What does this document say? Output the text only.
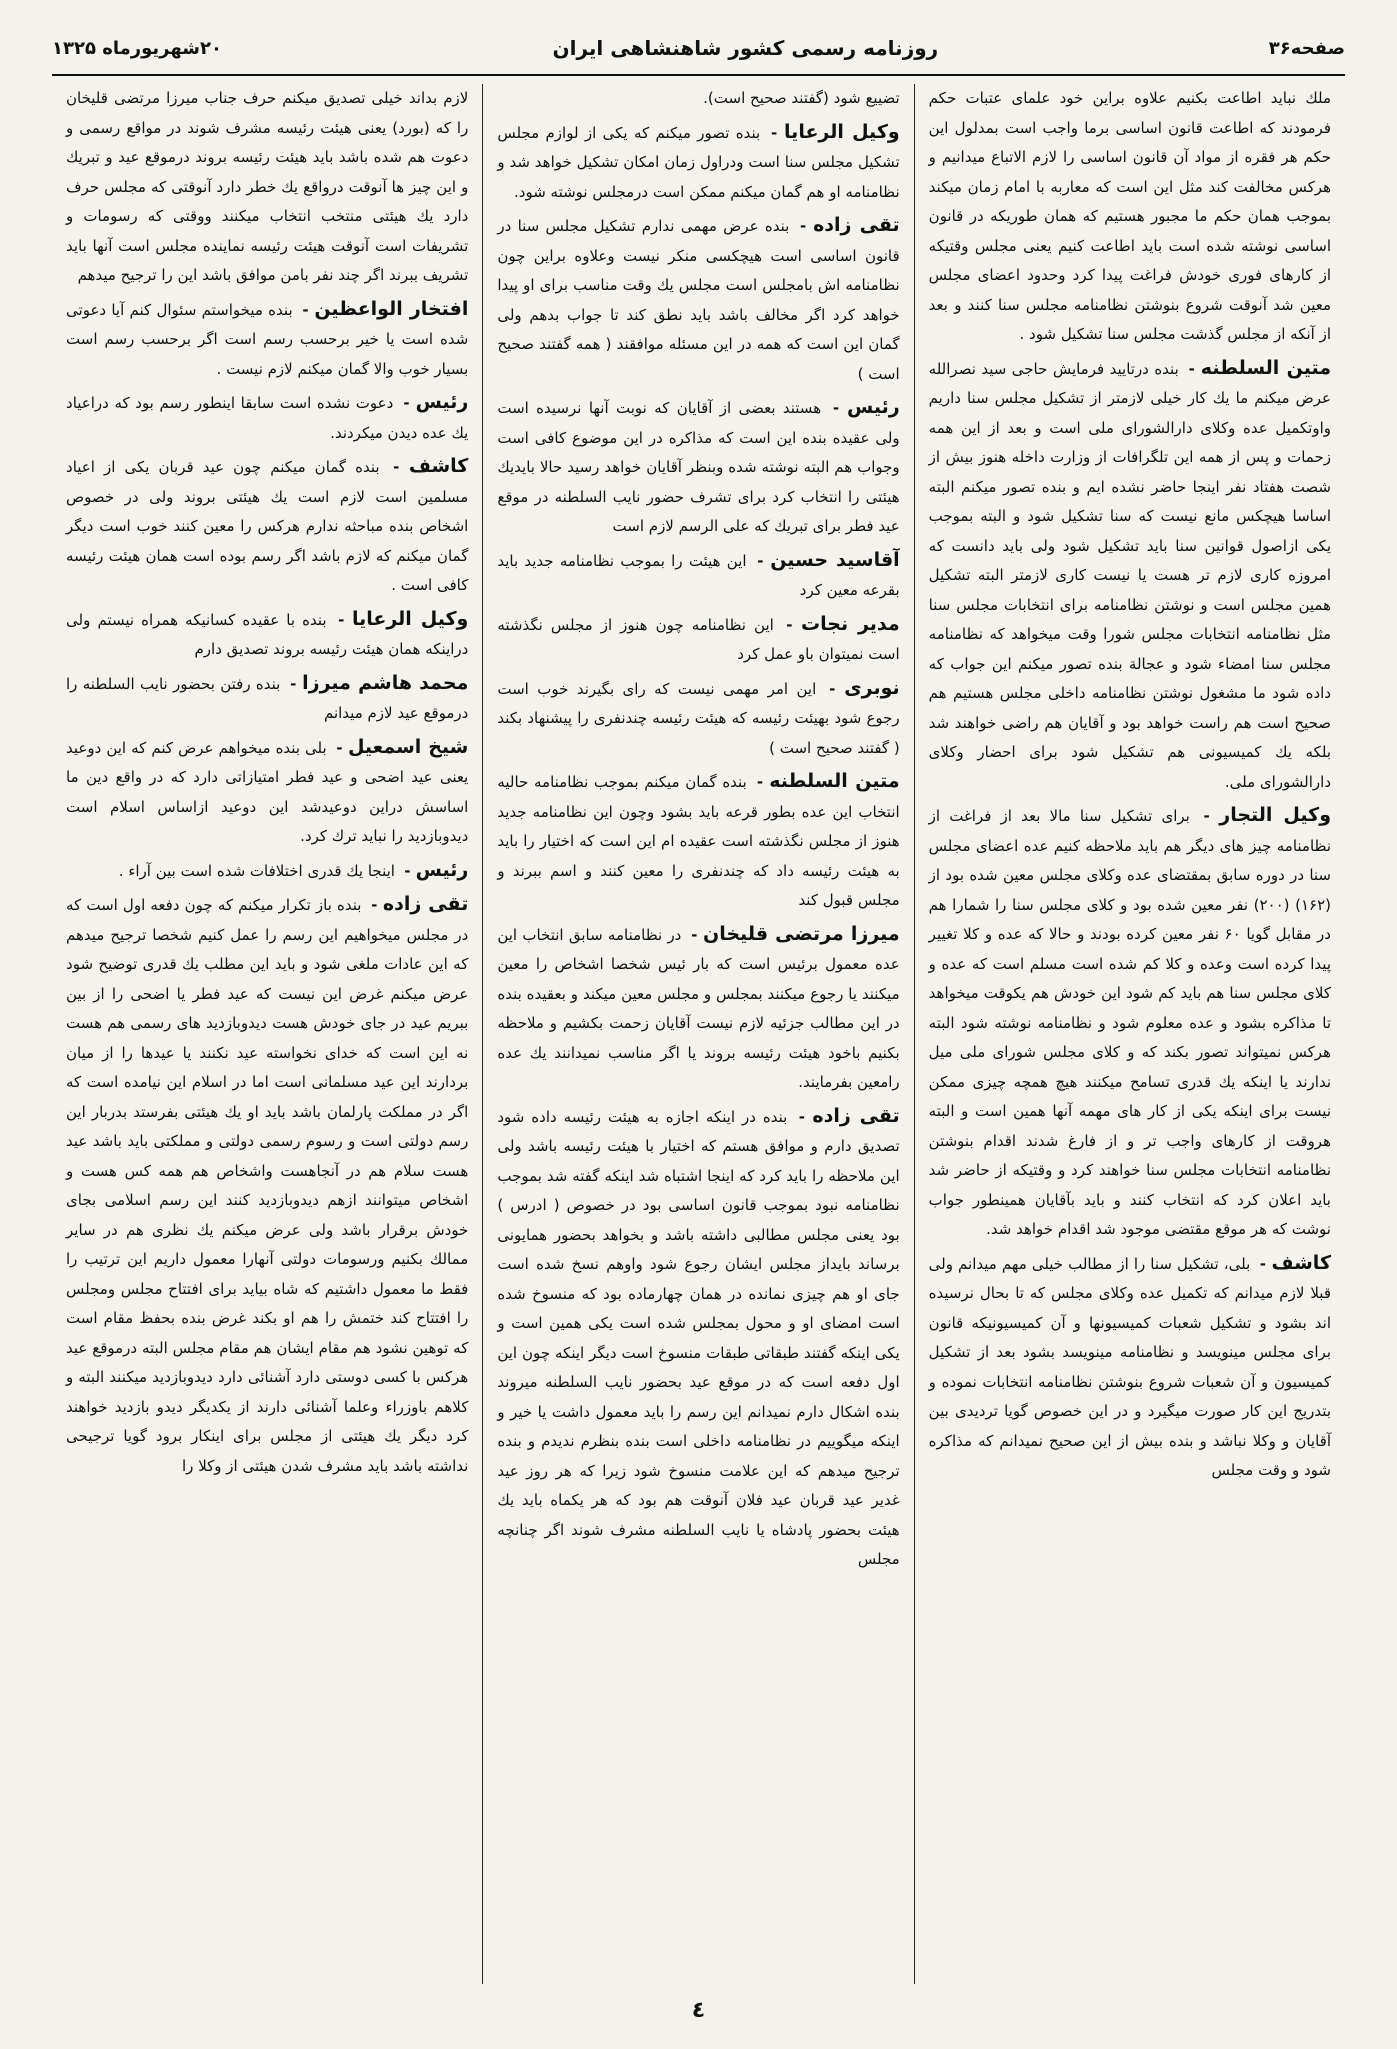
صفحه۳۶
روزنامه رسمی کشور شاهنشاهی ایران
۲۰شهریورماه ۱۳۲۵

ملك نباید اطاعت بکنیم علاوه براین خود علمای عتبات حکم فرمودند که اطاعت قانون اساسی برما واجب است بمدلول این حکم هر فقره از مواد آن قانون اساسی را لازم الاتباع میدانیم و هرکس مخالفت کند مثل این است که معاربه با امام زمان میکند بموجب همان حکم ما مجبور هستیم که همان طوریکه در قانون اساسی نوشته شده است باید اطاعت کنیم یعنی مجلس وقتیکه از کارهای فوری خودش فراغت پیدا کرد وحدود اعضای مجلس معین شد آنوقت شروع بنوشتن نظامنامه مجلس سنا کنند و بعد از آنکه از مجلس گذشت مجلس سنا تشکیل شود .

متین السلطنه - بنده درتایید فرمایش حاجی سید نصرالله عرض میکنم ما یك كار خیلی لازمتر از تشکیل مجلس سنا داریم واوتکمیل عده وکلای دارالشورای ملی است و بعد از این همه زحمات و پس از همه این تلگرافات از وزارت داخله هنوز بیش از شصت هفتاد نفر اینجا حاضر نشده ایم و بنده تصور میکنم البته اساسا هیچکس مانع نیست که سنا تشکیل شود و البته بموجب یکی ازاصول قوانین سنا باید تشکیل شود ولی باید دانست که امروزه کاری لازم تر هست یا نیست کاری لازمتر البته تشکیل همین مجلس است و نوشتن نظامنامه برای انتخابات مجلس سنا مثل نظامنامه انتخابات مجلس شورا وقت میخواهد که نظامنامه مجلس سنا امضاء شود و عجالة بنده تصور میکنم این جواب که داده شود ما مشغول نوشتن نظامنامه داخلی مجلس هستیم هم صحیح است هم راست خواهد بود و آقایان هم راضی خواهند شد بلکه یك کمیسیونی هم تشکیل شود برای احضار وکلای دارالشورای ملی.

وکیل التجار - برای تشکیل سنا مالا بعد از فراغت از نظامنامه چیز های دیگر هم باید ملاحظه کنیم عده اعضای مجلس سنا در دوره سابق بمقتضای عده وکلای مجلس معین شده بود از (۱۶۲) (۲۰۰) نفر معین شده بود و کلای مجلس سنا را شمارا هم در مقابل گویا ۶۰ نفر معین کرده بودند و حالا که عده و کلا تغییر پیدا کرده است وعده و کلا کم شده است مسلم است که عده و کلای مجلس سنا هم باید کم شود این خودش هم یکوقت میخواهد تا مذاکره بشود و عده معلوم شود و نظامنامه نوشته شود البته هرکس نمیتواند تصور بکند که و کلای مجلس شورای ملی میل ندارند یا اینکه یك قدری تسامح میکنند هیچ همچه چیزی ممکن نیست برای اینکه یکی از کار های مهمه آنها همین است و البته هروقت از کارهای واجب تر و از فارغ شدند اقدام بنوشتن نظامنامه انتخابات مجلس سنا خواهند کرد و وقتیکه از حاضر شد باید اعلان کرد که انتخاب کنند و باید بآقایان همینطور جواب نوشت که هر موقع مقتضی موجود شد اقدام خواهد شد.

کاشف - بلی، تشکیل سنا را از مطالب خیلی مهم میدانم ولی قبلا لازم میدانم که تکمیل عده وکلای مجلس که تا بحال نرسیده اند بشود و تشکیل شعبات کمیسیونها و آن کمیسیونیکه قانون برای مجلس مینویسد و نظامنامه مینویسد بشود بعد از تشکیل کمیسیون و آن شعبات شروع بنوشتن نظامنامه انتخابات نموده و بتدریج این کار صورت میگیرد و در این خصوص گویا تردیدی بین آقایان و وکلا نباشد و بنده بیش از این صحیح نمیدانم که مذاکره شود و وقت مجلس

تضییع شود (گفتند صحیح است).

وکیل الرعایا - بنده تصور میکنم که یکی از لوازم مجلس تشکیل مجلس سنا است ودراول زمان امکان تشکیل خواهد شد و نظامنامه او هم گمان میکنم ممکن است درمجلس نوشته شود.

تقی زاده - بنده عرض مهمی ندارم تشکیل مجلس سنا در قانون اساسی است هیچکسی منکر نیست وعلاوه براین چون نظامنامه اش بامجلس است مجلس یك وقت مناسب برای او پیدا خواهد کرد اگر مخالف باشد باید نطق کند تا جواب بدهم ولی گمان این است که همه در این مسئله موافقند ( همه گفتند صحیح است )

رئیس - هستند بعضی از آقایان که نوبت آنها نرسیده است ولی عقیده بنده این است که مذاکره در این موضوع کافی است وجواب هم البته نوشته شده وبنظر آقایان خواهد رسید حالا بایدیك هیئتی را انتخاب کرد برای تشرف حضور نایب السلطنه در موقع عید فطر برای تبریك که علی الرسم لازم است

آقاسید حسین - این هیئت را بموجب نظامنامه جدید باید بقرعه معین کرد

مدیر نجات - این نظامنامه چون هنوز از مجلس نگذشته است نمیتوان باو عمل کرد

نوبری - این امر مهمی نیست که رای بگیرند خوب است رجوع شود بهیئت رئیسه که هیئت رئیسه چندنفری را پیشنهاد بکند ( گفتند صحیح است )

متین السلطنه - بنده گمان میکنم بموجب نظامنامه حالیه انتخاب این عده بطور قرعه باید بشود وچون این نظامنامه جدید هنوز از مجلس نگذشته است عقیده ام این است که اختیار را باید به هیئت رئیسه داد که چندنفری را معین کنند و اسم ببرند و مجلس قبول کند

میرزا مرتضی قلیخان - در نظامنامه سابق انتخاب این عده معمول برئیس است که بار ئیس شخصا اشخاص را معین میکنند یا رجوع میکنند بمجلس و مجلس معین میکند و بعقیده بنده در این مطالب جزئیه لازم نیست آقایان زحمت بکشیم و ملاحظه بکنیم باخود هیئت رئیسه بروند یا اگر مناسب نمیدانند یك عده رامعین بفرمایند.

تقی زاده - بنده در اینکه اجازه به هیئت رئیسه داده شود تصدیق دارم و موافق هستم که اختیار با هیئت رئیسه باشد ولی این ملاحظه را باید کرد که اینجا اشتباه شد اینکه گفته شد بموجب نظامنامه نبود بموجب قانون اساسی بود در خصوص ( ادرس ) بود یعنی مجلس مطالبی داشته باشد و بخواهد بحضور همایونی برساند بایداز مجلس ایشان رجوع شود واوهم نسخ شده است جای او هم چیزی نمانده در همان چهارماده بود که منسوخ شده است امضای او و محول بمجلس شده است یکی همین است و یکی اینکه گفتند طبقاتی طبقات منسوخ است دیگر اینکه چون این اول دفعه است که در موقع عید بحضور نایب السلطنه میروند بنده اشکال دارم نمیدانم این رسم را باید معمول داشت یا خیر و اینکه میگوییم در نظامنامه داخلی است بنده بنظرم ندیدم و بنده ترجیح میدهم که این علامت منسوخ شود زیرا که هر روز عید غدیر عید قربان عید فلان آنوقت هم بود که هر یکماه باید یك هیئت بحضور پادشاه یا نایب السلطنه مشرف شوند اگر چنانچه مجلس

لازم بداند خیلی تصدیق میکنم حرف جناب میرزا مرتضی قلیخان را که (بورد) یعنی هیئت رئیسه مشرف شوند در مواقع رسمی و دعوت هم شده باشد باید هیئت رئیسه بروند درموقع عید و تبریك و این چیز ها آنوقت درواقع یك خطر دارد آنوقتی که مجلس حرف دارد یك هیئتی منتخب انتخاب میکنند ووقتی که رسومات و تشریفات است آنوقت هیئت رئیسه نماینده مجلس است آنها باید تشریف ببرند اگر چند نفر بامن موافق باشد این را ترجیح میدهم

افتخار الواعظین - بنده میخواستم سئوال کنم آیا دعوتی شده است یا خیر برحسب رسم است اگر برحسب رسم است بسیار خوب والا گمان میکنم لازم نیست .

رئیس - دعوت نشده است سابقا اینطور رسم بود که دراعیاد یك عده دیدن میکردند.

کاشف - بنده گمان میکنم چون عید قربان یکی از اعیاد مسلمین است لازم است یك هیئتی بروند ولی در خصوص اشخاص بنده مباحثه ندارم هرکس را معین کنند خوب است دیگر گمان میکنم که لازم باشد اگر رسم بوده است همان هیئت رئیسه کافی است .

وکیل الرعایا - بنده با عقیده کسانیکه همراه نیستم ولی دراینکه همان هیئت رئیسه بروند تصدیق دارم

محمد هاشم میرزا - بنده رفتن بحضور نایب السلطنه را درموقع عید لازم میدانم

شیخ اسمعیل - بلی بنده میخواهم عرض کنم که این دوعید یعنی عید اضحی و عید فطر امتیازاتی دارد که در واقع دین ما اساسش دراین دوعیدشد این دوعید ازاساس اسلام است دیدوبازدید را نباید ترك کرد.

رئیس - اینجا یك قدری اختلافات شده است بین آراء .

تقی زاده - بنده باز تکرار میکنم که چون دفعه اول است که در مجلس میخواهیم این رسم را عمل کنیم شخصا ترجیح میدهم که این عادات ملغی شود و باید این مطلب یك قدری توضیح شود عرض میکنم غرض این نیست که عید فطر یا اضحی را از بین ببریم عید در جای خودش هست دیدوبازدید های رسمی هم هست نه این است که خدای نخواسته عید نکنند یا عیدها را از میان بردارند این عید مسلمانی است اما در اسلام این نیامده است که اگر در مملکت پارلمان باشد باید او یك هیئتی بفرستد بدربار این رسم دولتی است و رسوم رسمی دولتی و مملکتی باید باشد عید هست سلام هم در آنجاهست واشخاص هم همه کس هست و اشخاص میتوانند ازهم دیدوبازدید کنند این رسم اسلامی بجای خودش برقرار باشد ولی عرض میکنم یك نظری هم در سایر ممالك بکنیم ورسومات دولتی آنهارا معمول داریم این ترتیب را فقط ما معمول داشتیم که شاه بیاید برای افتتاح مجلس ومجلس را افتتاح کند ختمش را هم او بکند غرض بنده بحفظ مقام است که توهین نشود هم مقام ایشان هم مقام مجلس البته درموقع عید هرکس با کسی دوستی دارد آشنائی دارد دیدوبازدید میکنند البته و کلاهم باوزراء وعلما آشنائی دارند از یکدیگر دیدو بازدید خواهند کرد دیگر یك هیئتی از مجلس برای اینکار برود گویا ترجیحی نداشته باشد باید مشرف شدن هیئتی از وکلا را

٤
